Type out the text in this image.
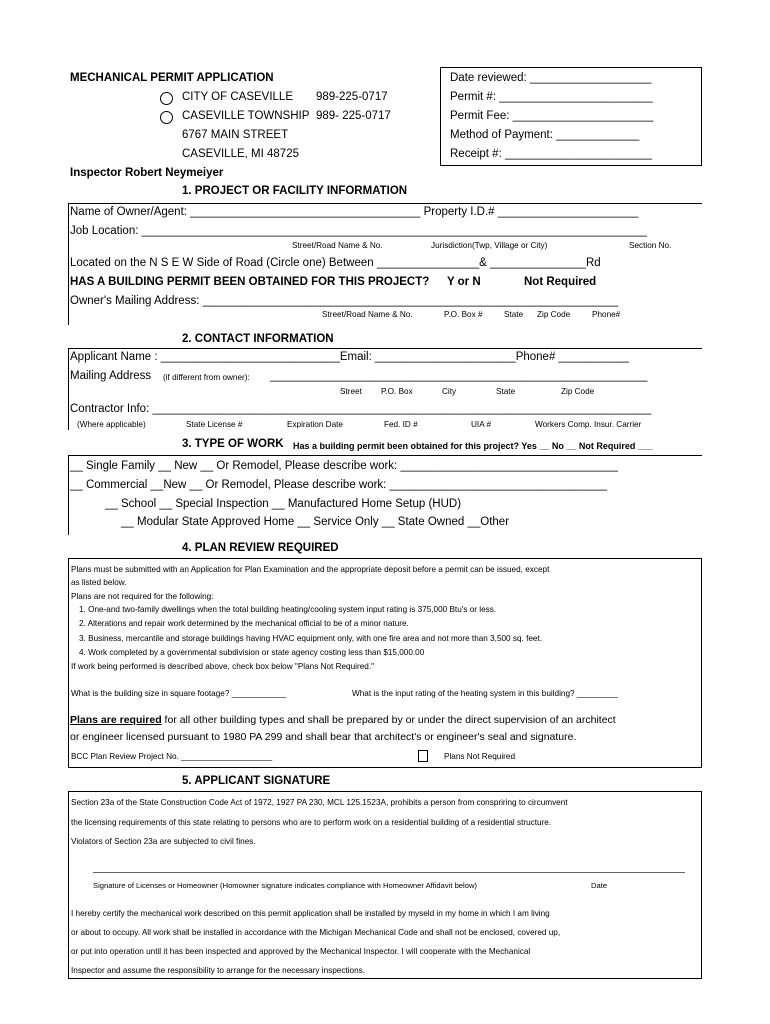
MECHANICAL PERMIT APPLICATION
CITY OF CASEVILLE 989-225-0717
CASEVILLE TOWNSHIP 989- 225-0717
6767 MAIN STREET
CASEVILLE, MI 48725
Inspector Robert Neymeiyer
Date reviewed: ___________________
Permit #: ________________________
Permit Fee: ______________________
Method of Payment: _____________
Receipt #: _______________________
1. PROJECT OR FACILITY INFORMATION
Name of Owner/Agent: ____________________________________ Property I.D.# ______________________
Job Location: _______________________________________________________________________________
Street/Road Name & No.	Jurisdiction(Twp, Village or City)	Section No.
Located on the N S E W Side of Road (Circle one) Between ________________& _______________Rd
HAS A BUILDING PERMIT BEEN OBTAINED FOR THIS PROJECT? Y or N	Not Required
Owner's Mailing Address: _________________________________________________________________
Street/Road Name & No.	P.O. Box #	State Zip Code	Phone#
2. CONTACT INFORMATION
Applicant Name : ____________________________Email: ______________________Phone# ___________
Mailing Address (if different from owner): ___________________________________________________________
Street P.O. Box	City	State	Zip Code
Contractor Info: ______________________________________________________________________________
(Where applicable)	State License #	Expiration Date	Fed. ID #	UIA #	Workers Comp. Insur. Carrier
3. TYPE OF WORK Has a building permit been obtained for this project? Yes __ No __ Not Required ___
__ Single Family __ New __ Or Remodel, Please describe work: __________________________________
__ Commercial __New __ Or Remodel, Please describe work: __________________________________
__ School __ Special Inspection __ Manufactured Home Setup (HUD)
__ Modular State Approved Home __ Service Only __ State Owned __Other
4. PLAN REVIEW REQUIRED
Plans must be submitted with an Application for Plan Examination and the appropriate deposit before a permit can be issued, except
as listed below.
Plans are not required for the following:
1. One-and two-family dwellings when the total building heating/cooling system input rating is 375,000 Btu's or less.
2. Alterations and repair work determined by the mechanical official to be of a minor nature.
3. Business, mercantile and storage buildings having HVAC equipment only, with one fire area and not more than 3,500 sq. feet.
4. Work completed by a governmental subdivision or state agency costing less than $15,000.00
If work being performed is described above, check box below "Plans Not Required."
What is the building size in square footage? ____________	What is the input rating of the heating system in this building? _________
Plans are required for all other building types and shall be prepared by or under the direct supervision of an architect
or engineer licensed pursuant to 1980 PA 299 and shall bear that architect's or engineer's seal and signature.
BCC Plan Review Project No. ____________________	Plans Not Required
5. APPLICANT SIGNATURE
Section 23a of the State Construction Code Act of 1972, 1927 PA 230, MCL 125.1523A, prohibits a person from conspriring to circumvent
the licensing requirements of this state relating to persons who are to perform work on a residential building of a residential structure.
Violators of Section 23a are subjected to civil fines.
Signature of Licenses or Homeowner (Homowner signature indicates compliance with Homeowner Affidavit below)	Date
I hereby certify the mechanical work described on this permit application shall be installed by myseld in my home in which I am living
or about to occupy. All work shall be installed in accordance with the Michigan Mechanical Code and shall not be enclosed, covered up,
or put into operation until it has been inspected and approved by the Mechanical Inspector. I will cooperate with the Mechanical
Inspector and assume the responsibility to arrange for the necessary inspections.
